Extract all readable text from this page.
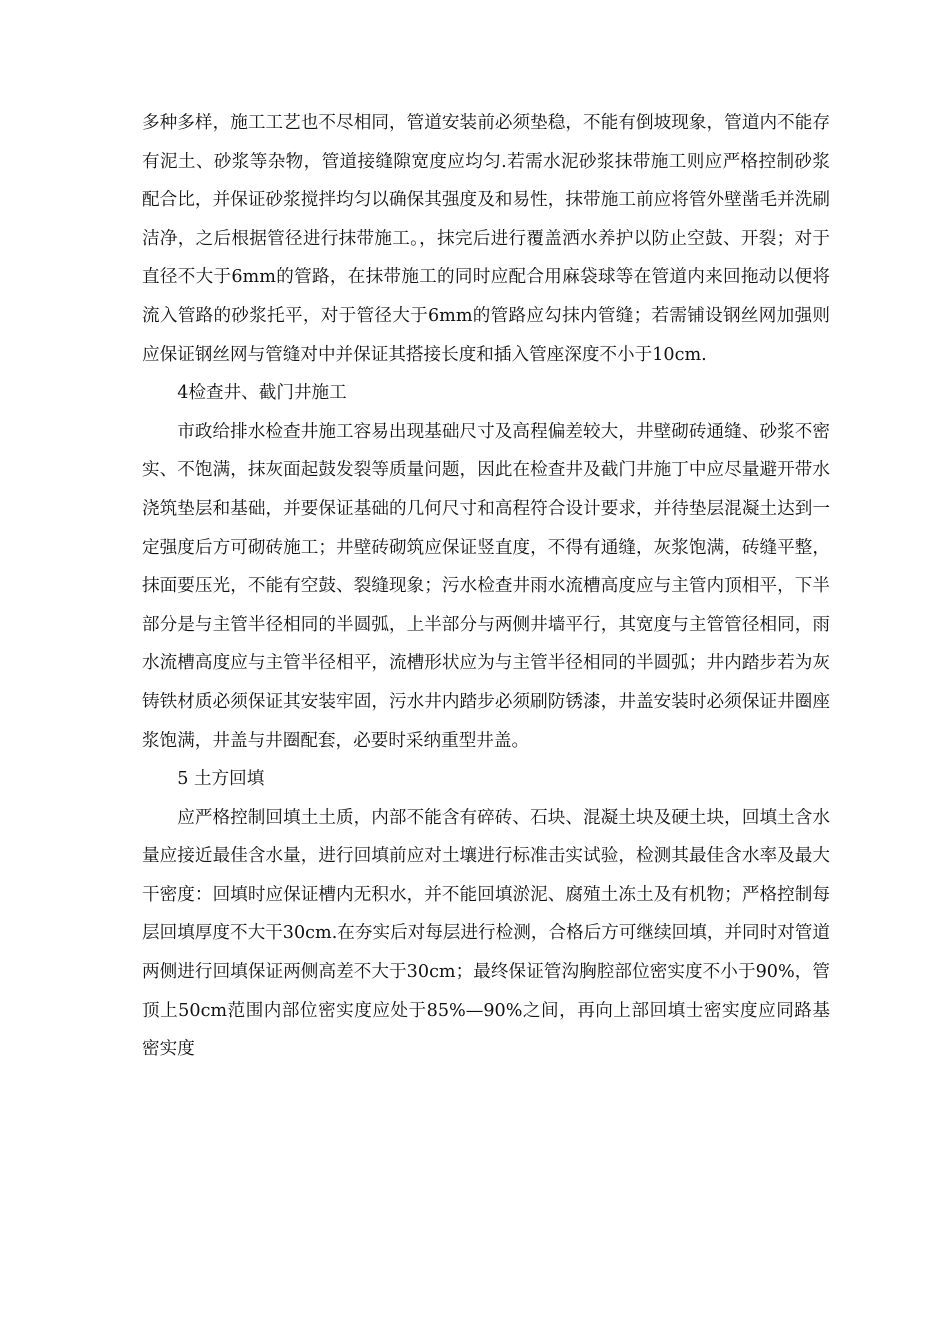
多种多样，施工工艺也不尽相同，管道安装前必须垫稳，不能有倒坡现象，管道内不能存有泥土、砂浆等杂物，管道接缝隙宽度应均匀.若需水泥砂浆抹带施工则应严格控制砂浆配合比，并保证砂浆搅拌均匀以确保其强度及和易性，抹带施工前应将管外壁凿毛并洗刷洁净，之后根据管径进行抹带施工。，抹完后进行覆盖洒水养护以防止空鼓、开裂；对于直径不大于6mm的管路，在抹带施工的同时应配合用麻袋球等在管道内来回拖动以便将流入管路的砂浆托平，对于管径大于6mm的管路应勾抹内管缝；若需铺设钢丝网加强则应保证钢丝网与管缝对中并保证其搭接长度和插入管座深度不小于10cm.

4检查井、截门井施工

市政给排水检查井施工容易出现基础尺寸及高程偏差较大，井壁砌砖通缝、砂浆不密实、不饱满，抹灰面起鼓发裂等质量问题，因此在检查井及截门井施丁中应尽量避开带水浇筑垫层和基础，并要保证基础的几何尺寸和高程符合设计要求，并待垫层混凝土达到一定强度后方可砌砖施工；井壁砖砌筑应保证竖直度，不得有通缝，灰浆饱满，砖缝平整，抹面要压光，不能有空鼓、裂缝现象；污水检查井雨水流槽高度应与主管内顶相平，下半部分是与主管半径相同的半圆弧，上半部分与两侧井墙平行，其宽度与主管管径相同，雨水流槽高度应与主管半径相平，流槽形状应为与主管半径相同的半圆弧；井内踏步若为灰铸铁材质必须保证其安装牢固，污水井内踏步必须刷防锈漆，井盖安装时必须保证井圈座浆饱满，井盖与井圈配套，必要时采纳重型井盖。

5 土方回填

应严格控制回填土土质，内部不能含有碎砖、石块、混凝土块及硬土块，回填土含水量应接近最佳含水量，进行回填前应对土壤进行标准击实试验，检测其最佳含水率及最大干密度：回填时应保证槽内无积水，并不能回填淤泥、腐殖土冻土及有机物；严格控制每层回填厚度不大干30cm.在夯实后对每层进行检测，合格后方可继续回填，并同时对管道两侧进行回填保证两侧高差不大于30cm；最终保证管沟胸腔部位密实度不小于90%，管顶上50cm范围内部位密实度应处于85%—90%之间，再向上部回填士密实度应同路基密实度
